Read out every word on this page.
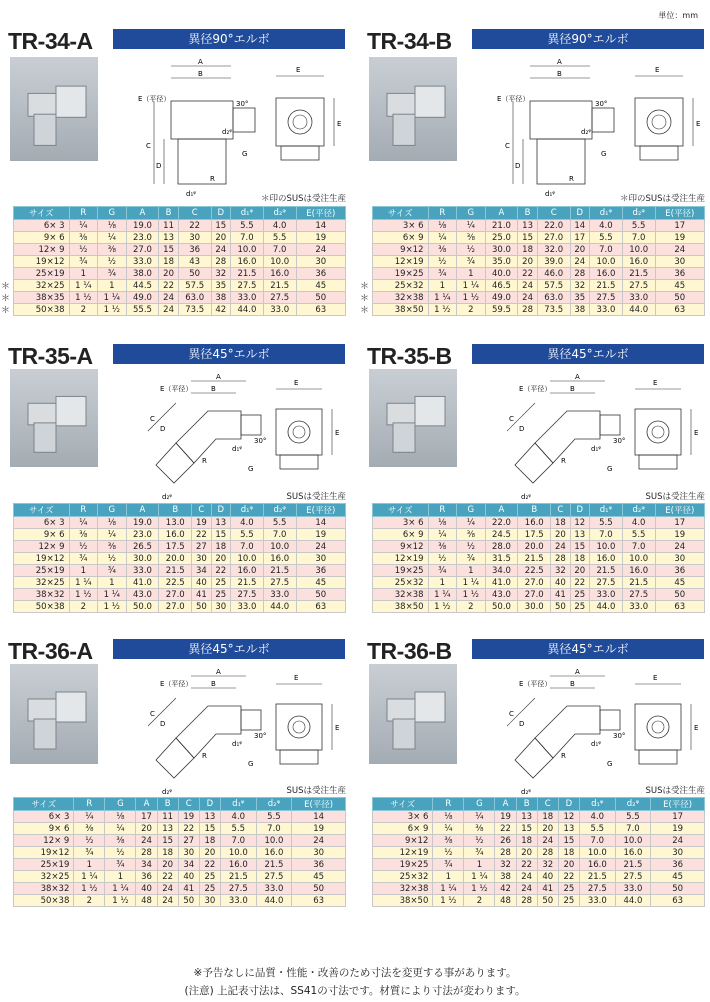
単位：mm
TR-34-A	異径90°エルボ
A
B
E（平径）
C
D
R
G
d₁ᵠ
d₂ᵠ
30°
E
E
＊印のSUSは受注生産
サイズ	R	G	A	B	C	D	d₁ᵠ	d₂ᵠ	E(平径)
6× 3	¼	⅛	19.0	11	22	15	5.5	4.0	14
9× 6	⅜	¼	23.0	13	30	20	7.0	5.5	19
12× 9	½	⅜	27.0	15	36	24	10.0	7.0	24
19×12	¾	½	33.0	18	43	28	16.0	10.0	30
25×19	1	¾	38.0	20	50	32	21.5	16.0	36
32×25	1 ¼	1	44.5	22	57.5	35	27.5	21.5	45
38×35	1 ½	1 ¼	49.0	24	63.0	38	33.0	27.5	50
50×38	2	1 ½	55.5	24	73.5	42	44.0	33.0	63
＊
＊
＊
TR-34-B	異径90°エルボ
A
B
E（平径）
C
D
R
G
d₁ᵠ
d₂ᵠ
30°
E
E
＊印のSUSは受注生産
サイズ	R	G	A	B	C	D	d₁ᵠ	d₂ᵠ	E(平径)
3× 6	⅛	¼	21.0	13	22.0	14	4.0	5.5	17
6× 9	¼	⅜	25.0	15	27.0	17	5.5	7.0	19
9×12	⅜	½	30.0	18	32.0	20	7.0	10.0	24
12×19	½	¾	35.0	20	39.0	24	10.0	16.0	30
19×25	¾	1	40.0	22	46.0	28	16.0	21.5	36
25×32	1	1 ¼	46.5	24	57.5	32	21.5	27.5	45
32×38	1 ¼	1 ½	49.0	24	63.0	35	27.5	33.0	50
38×50	1 ½	2	59.5	28	73.5	38	33.0	44.0	63
＊
＊
＊
TR-35-A	異径45°エルボ
A
B
E（平径）
C
D
R
G
d₂ᵠ
d₁ᵠ
30°
E
E
SUSは受注生産
サイズ	R	G	A	B	C	D	d₁ᵠ	d₂ᵠ	E(平径)
6× 3	¼	⅛	19.0	13.0	19	13	4.0	5.5	14
9× 6	⅜	¼	23.0	16.0	22	15	5.5	7.0	19
12× 9	½	⅜	26.5	17.5	27	18	7.0	10.0	24
19×12	¾	½	30.0	20.0	30	20	10.0	16.0	30
25×19	1	¾	33.0	21.5	34	22	16.0	21.5	36
32×25	1 ¼	1	41.0	22.5	40	25	21.5	27.5	45
38×32	1 ½	1 ¼	43.0	27.0	41	25	27.5	33.0	50
50×38	2	1 ½	50.0	27.0	50	30	33.0	44.0	63
TR-35-B	異径45°エルボ
A
B
E（平径）
C
D
R
G
d₂ᵠ
d₁ᵠ
30°
E
E
SUSは受注生産
サイズ	R	G	A	B	C	D	d₁ᵠ	d₂ᵠ	E(平径)
3× 6	⅛	¼	22.0	16.0	18	12	5.5	4.0	17
6× 9	¼	⅜	24.5	17.5	20	13	7.0	5.5	19
9×12	⅜	½	28.0	20.0	24	15	10.0	7.0	24
12×19	½	¾	31.5	21.5	28	18	16.0	10.0	30
19×25	¾	1	34.0	22.5	32	20	21.5	16.0	36
25×32	1	1 ¼	41.0	27.0	40	22	27.5	21.5	45
32×38	1 ¼	1 ½	43.0	27.0	41	25	33.0	27.5	50
38×50	1 ½	2	50.0	30.0	50	25	44.0	33.0	63
TR-36-A	異径45°エルボ
A
B
E（平径）
C
D
R
G
d₂ᵠ
d₁ᵠ
30°
E
E
SUSは受注生産
サイズ	R	G	A	B	C	D	d₁ᵠ	d₂ᵠ	E(平径)
6× 3	¼	⅛	17	11	19	13	4.0	5.5	14
9× 6	⅜	¼	20	13	22	15	5.5	7.0	19
12× 9	½	⅜	24	15	27	18	7.0	10.0	24
19×12	¾	½	28	18	30	20	10.0	16.0	30
25×19	1	¾	34	20	34	22	16.0	21.5	36
32×25	1 ¼	1	36	22	40	25	21.5	27.5	45
38×32	1 ½	1 ¼	40	24	41	25	27.5	33.0	50
50×38	2	1 ½	48	24	50	30	33.0	44.0	63
TR-36-B	異径45°エルボ
A
B
E（平径）
C
D
R
G
d₂ᵠ
d₁ᵠ
30°
E
E
SUSは受注生産
サイズ	R	G	A	B	C	D	d₁ᵠ	d₂ᵠ	E(平径)
3× 6	⅛	¼	19	13	18	12	4.0	5.5	17
6× 9	¼	⅜	22	15	20	13	5.5	7.0	19
9×12	⅜	½	26	18	24	15	7.0	10.0	24
12×19	½	¾	28	20	28	18	10.0	16.0	30
19×25	¾	1	32	22	32	20	16.0	21.5	36
25×32	1	1 ¼	38	24	40	22	21.5	27.5	45
32×38	1 ¼	1 ½	42	24	41	25	27.5	33.0	50
38×50	1 ½	2	48	28	50	25	33.0	44.0	63
※予告なしに品質・性能・改善のため寸法を変更する事があります。
(注意) 上記表寸法は、SS41の寸法です。材質により寸法が変わります。
